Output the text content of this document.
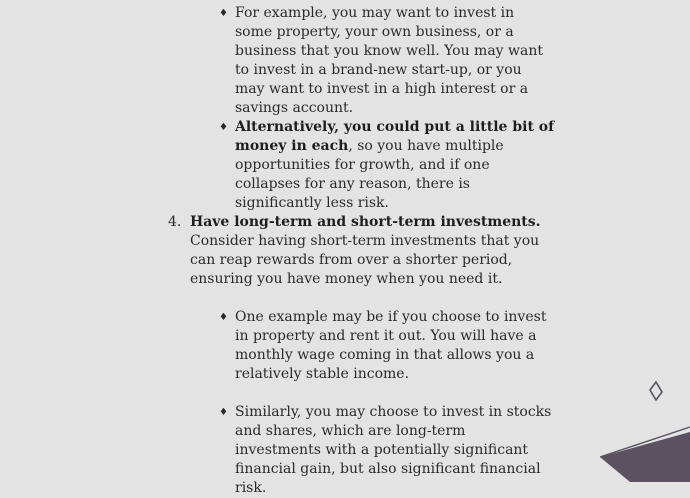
♦ For example, you may want to invest in some property, your own business, or a business that you know well. You may want to invest in a brand-new start-up, or you may want to invest in a high interest or a savings account.

♦ Alternatively, you could put a little bit of money in each, so you have multiple opportunities for growth, and if one collapses for any reason, there is significantly less risk.

4. Have long-term and short-term investments. Consider having short-term investments that you can reap rewards from over a shorter period, ensuring you have money when you need it.

♦ One example may be if you choose to invest in property and rent it out. You will have a monthly wage coming in that allows you a relatively stable income.

♦ Similarly, you may choose to invest in stocks and shares, which are long-term investments with a potentially significant financial gain, but also significant financial risk.
